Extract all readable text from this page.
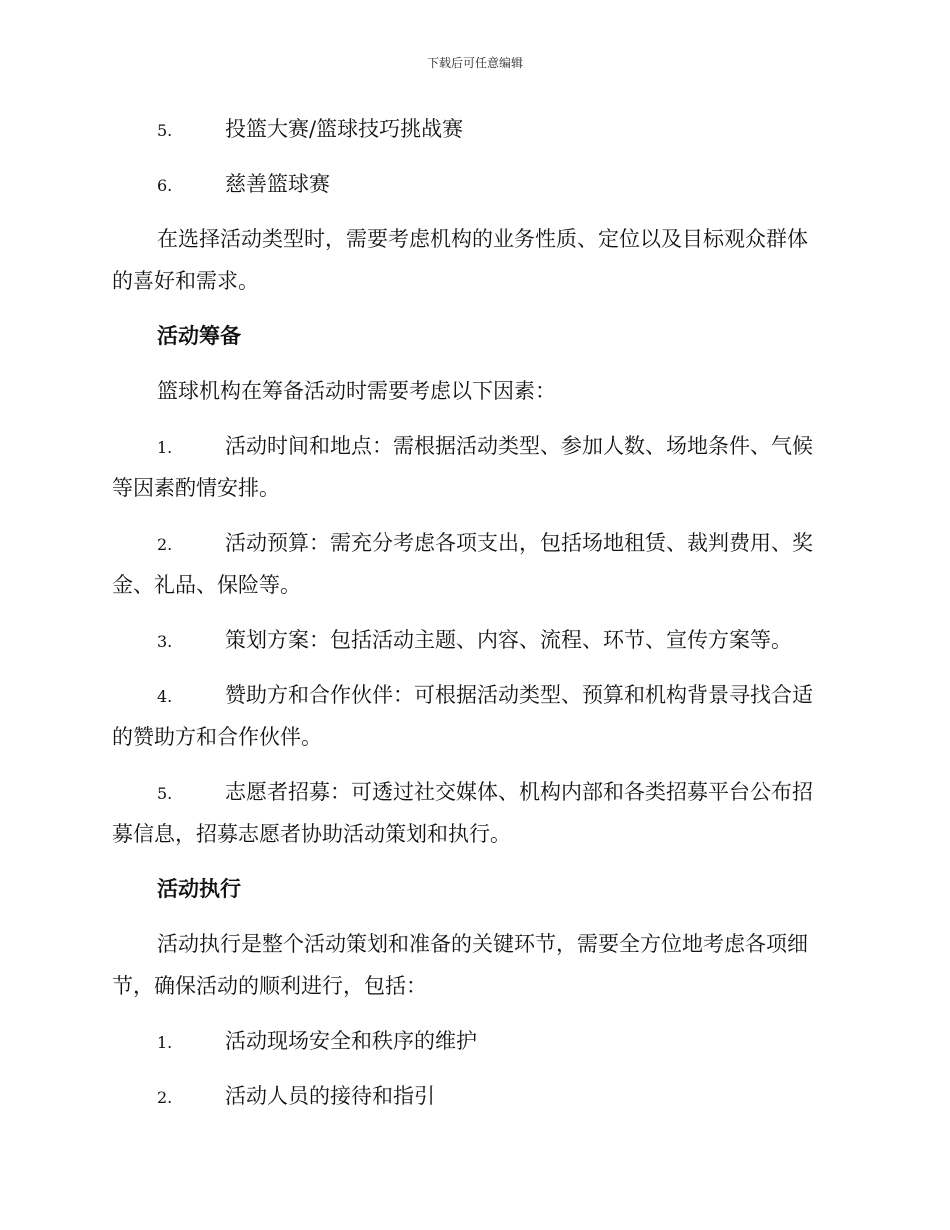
下载后可任意编辑
5.	投篮大赛/篮球技巧挑战赛
6.	慈善篮球赛
在选择活动类型时，需要考虑机构的业务性质、定位以及目标观众群体
的喜好和需求。
活动筹备
篮球机构在筹备活动时需要考虑以下因素：
1.	活动时间和地点：需根据活动类型、参加人数、场地条件、气候
等因素酌情安排。
2.	活动预算：需充分考虑各项支出，包括场地租赁、裁判费用、奖
金、礼品、保险等。
3.	策划方案：包括活动主题、内容、流程、环节、宣传方案等。
4.	赞助方和合作伙伴：可根据活动类型、预算和机构背景寻找合适
的赞助方和合作伙伴。
5.	志愿者招募：可透过社交媒体、机构内部和各类招募平台公布招
募信息，招募志愿者协助活动策划和执行。
活动执行
活动执行是整个活动策划和准备的关键环节，需要全方位地考虑各项细
节，确保活动的顺利进行，包括：
1.	活动现场安全和秩序的维护
2.	活动人员的接待和指引
